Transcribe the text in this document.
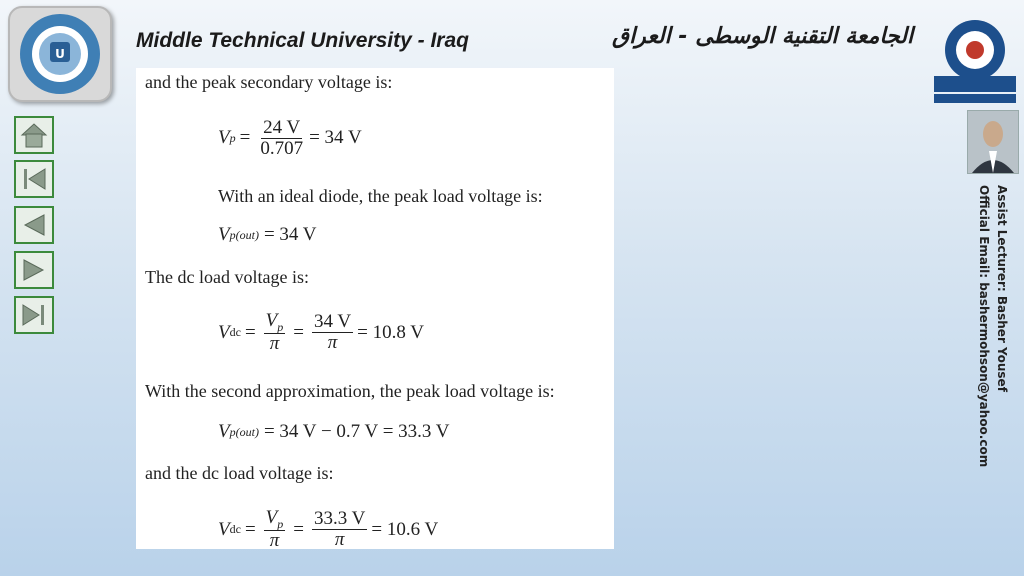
U
Middle Technical University - Iraq	الجامعة التقنية الوسطى - العراق
Assist Lecturer: Basher Yousef
Official Email: bashermohson@yahoo.com
and the peak secondary voltage is:
V $p = \frac{24 V}{0.707} = 34$ V
With an ideal diode, the peak load voltage is:
V p(out) = 34 V
The dc load voltage is:
V dc = $\frac{V_p}{\pi} = \frac{34 V}{\pi} = 10.8$ V
With the second approximation, the peak load voltage is:
V p(out) = 34 V − 0.7 V = 33.3 V
and the dc load voltage is:
V dc = $\frac{V_p}{\pi} = \frac{33.3 V}{\pi} = 10.6$ V
